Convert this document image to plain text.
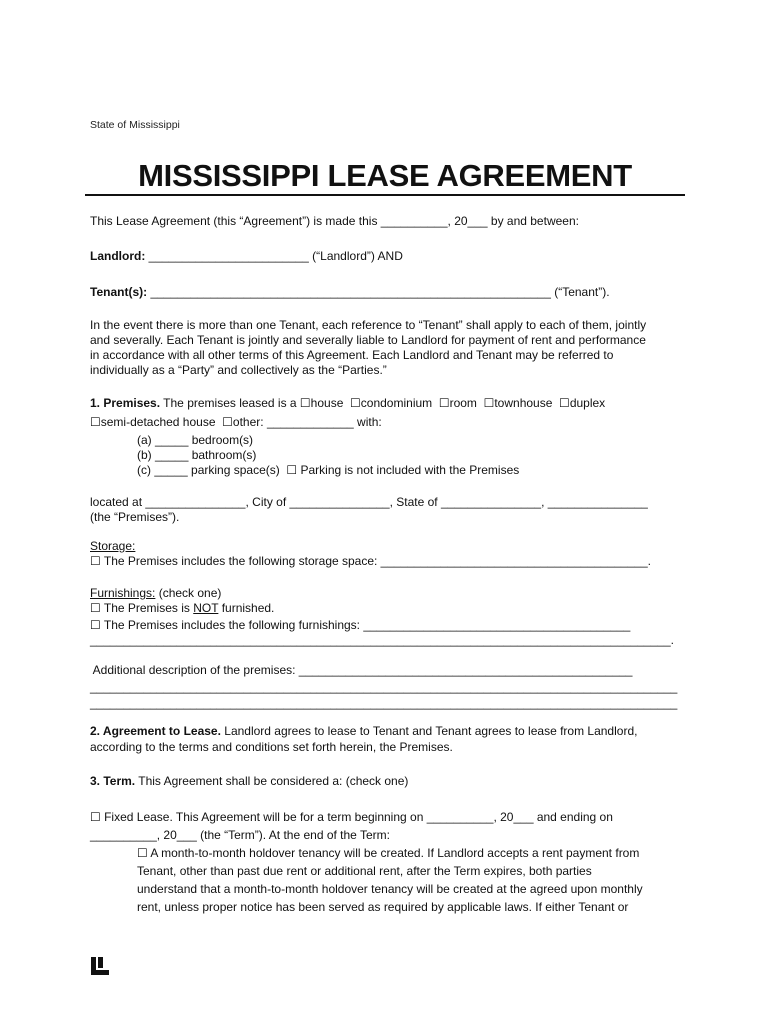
State of Mississippi
MISSISSIPPI LEASE AGREEMENT
This Lease Agreement (this “Agreement”) is made this __________, 20___ by and between:
Landlord: ________________________ (“Landlord”) AND
Tenant(s): ____________________________________________________________ (“Tenant”).
In the event there is more than one Tenant, each reference to “Tenant” shall apply to each of them, jointly
and severally. Each Tenant is jointly and severally liable to Landlord for payment of rent and performance
in accordance with all other terms of this Agreement. Each Landlord and Tenant may be referred to
individually as a “Party” and collectively as the “Parties.”
1. Premises. The premises leased is a ☐house  ☐condominium  ☐room  ☐townhouse  ☐duplex
☐semi-detached house  ☐other: _____________ with:
(a) _____ bedroom(s)
(b) _____ bathroom(s)
(c) _____ parking space(s)  ☐ Parking is not included with the Premises
located at _______________, City of _______________, State of _______________, _______________
(the “Premises”).
Storage:
☐ The Premises includes the following storage space: ________________________________________.
Furnishings: (check one)
☐ The Premises is NOT furnished.
☐ The Premises includes the following furnishings: ________________________________________
_______________________________________________________________________________________.
Additional description of the premises: __________________________________________________
________________________________________________________________________________________
________________________________________________________________________________________
2. Agreement to Lease. Landlord agrees to lease to Tenant and Tenant agrees to lease from Landlord,
according to the terms and conditions set forth herein, the Premises.
3. Term. This Agreement shall be considered a: (check one)
☐ Fixed Lease. This Agreement will be for a term beginning on __________, 20___ and ending on
__________, 20___ (the “Term”). At the end of the Term:
☐ A month-to-month holdover tenancy will be created. If Landlord accepts a rent payment from
Tenant, other than past due rent or additional rent, after the Term expires, both parties
understand that a month-to-month holdover tenancy will be created at the agreed upon monthly
rent, unless proper notice has been served as required by applicable laws. If either Tenant or
